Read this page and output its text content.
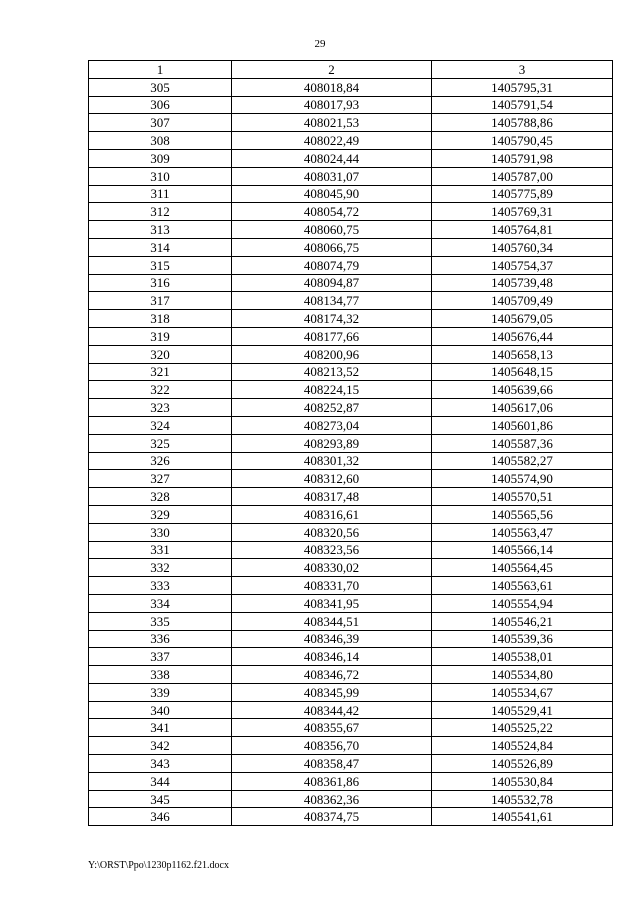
29
1	2	3
305	408018,84	1405795,31
306	408017,93	1405791,54
307	408021,53	1405788,86
308	408022,49	1405790,45
309	408024,44	1405791,98
310	408031,07	1405787,00
311	408045,90	1405775,89
312	408054,72	1405769,31
313	408060,75	1405764,81
314	408066,75	1405760,34
315	408074,79	1405754,37
316	408094,87	1405739,48
317	408134,77	1405709,49
318	408174,32	1405679,05
319	408177,66	1405676,44
320	408200,96	1405658,13
321	408213,52	1405648,15
322	408224,15	1405639,66
323	408252,87	1405617,06
324	408273,04	1405601,86
325	408293,89	1405587,36
326	408301,32	1405582,27
327	408312,60	1405574,90
328	408317,48	1405570,51
329	408316,61	1405565,56
330	408320,56	1405563,47
331	408323,56	1405566,14
332	408330,02	1405564,45
333	408331,70	1405563,61
334	408341,95	1405554,94
335	408344,51	1405546,21
336	408346,39	1405539,36
337	408346,14	1405538,01
338	408346,72	1405534,80
339	408345,99	1405534,67
340	408344,42	1405529,41
341	408355,67	1405525,22
342	408356,70	1405524,84
343	408358,47	1405526,89
344	408361,86	1405530,84
345	408362,36	1405532,78
346	408374,75	1405541,61
Y:\ORST\Ppo\1230p1162.f21.docx
